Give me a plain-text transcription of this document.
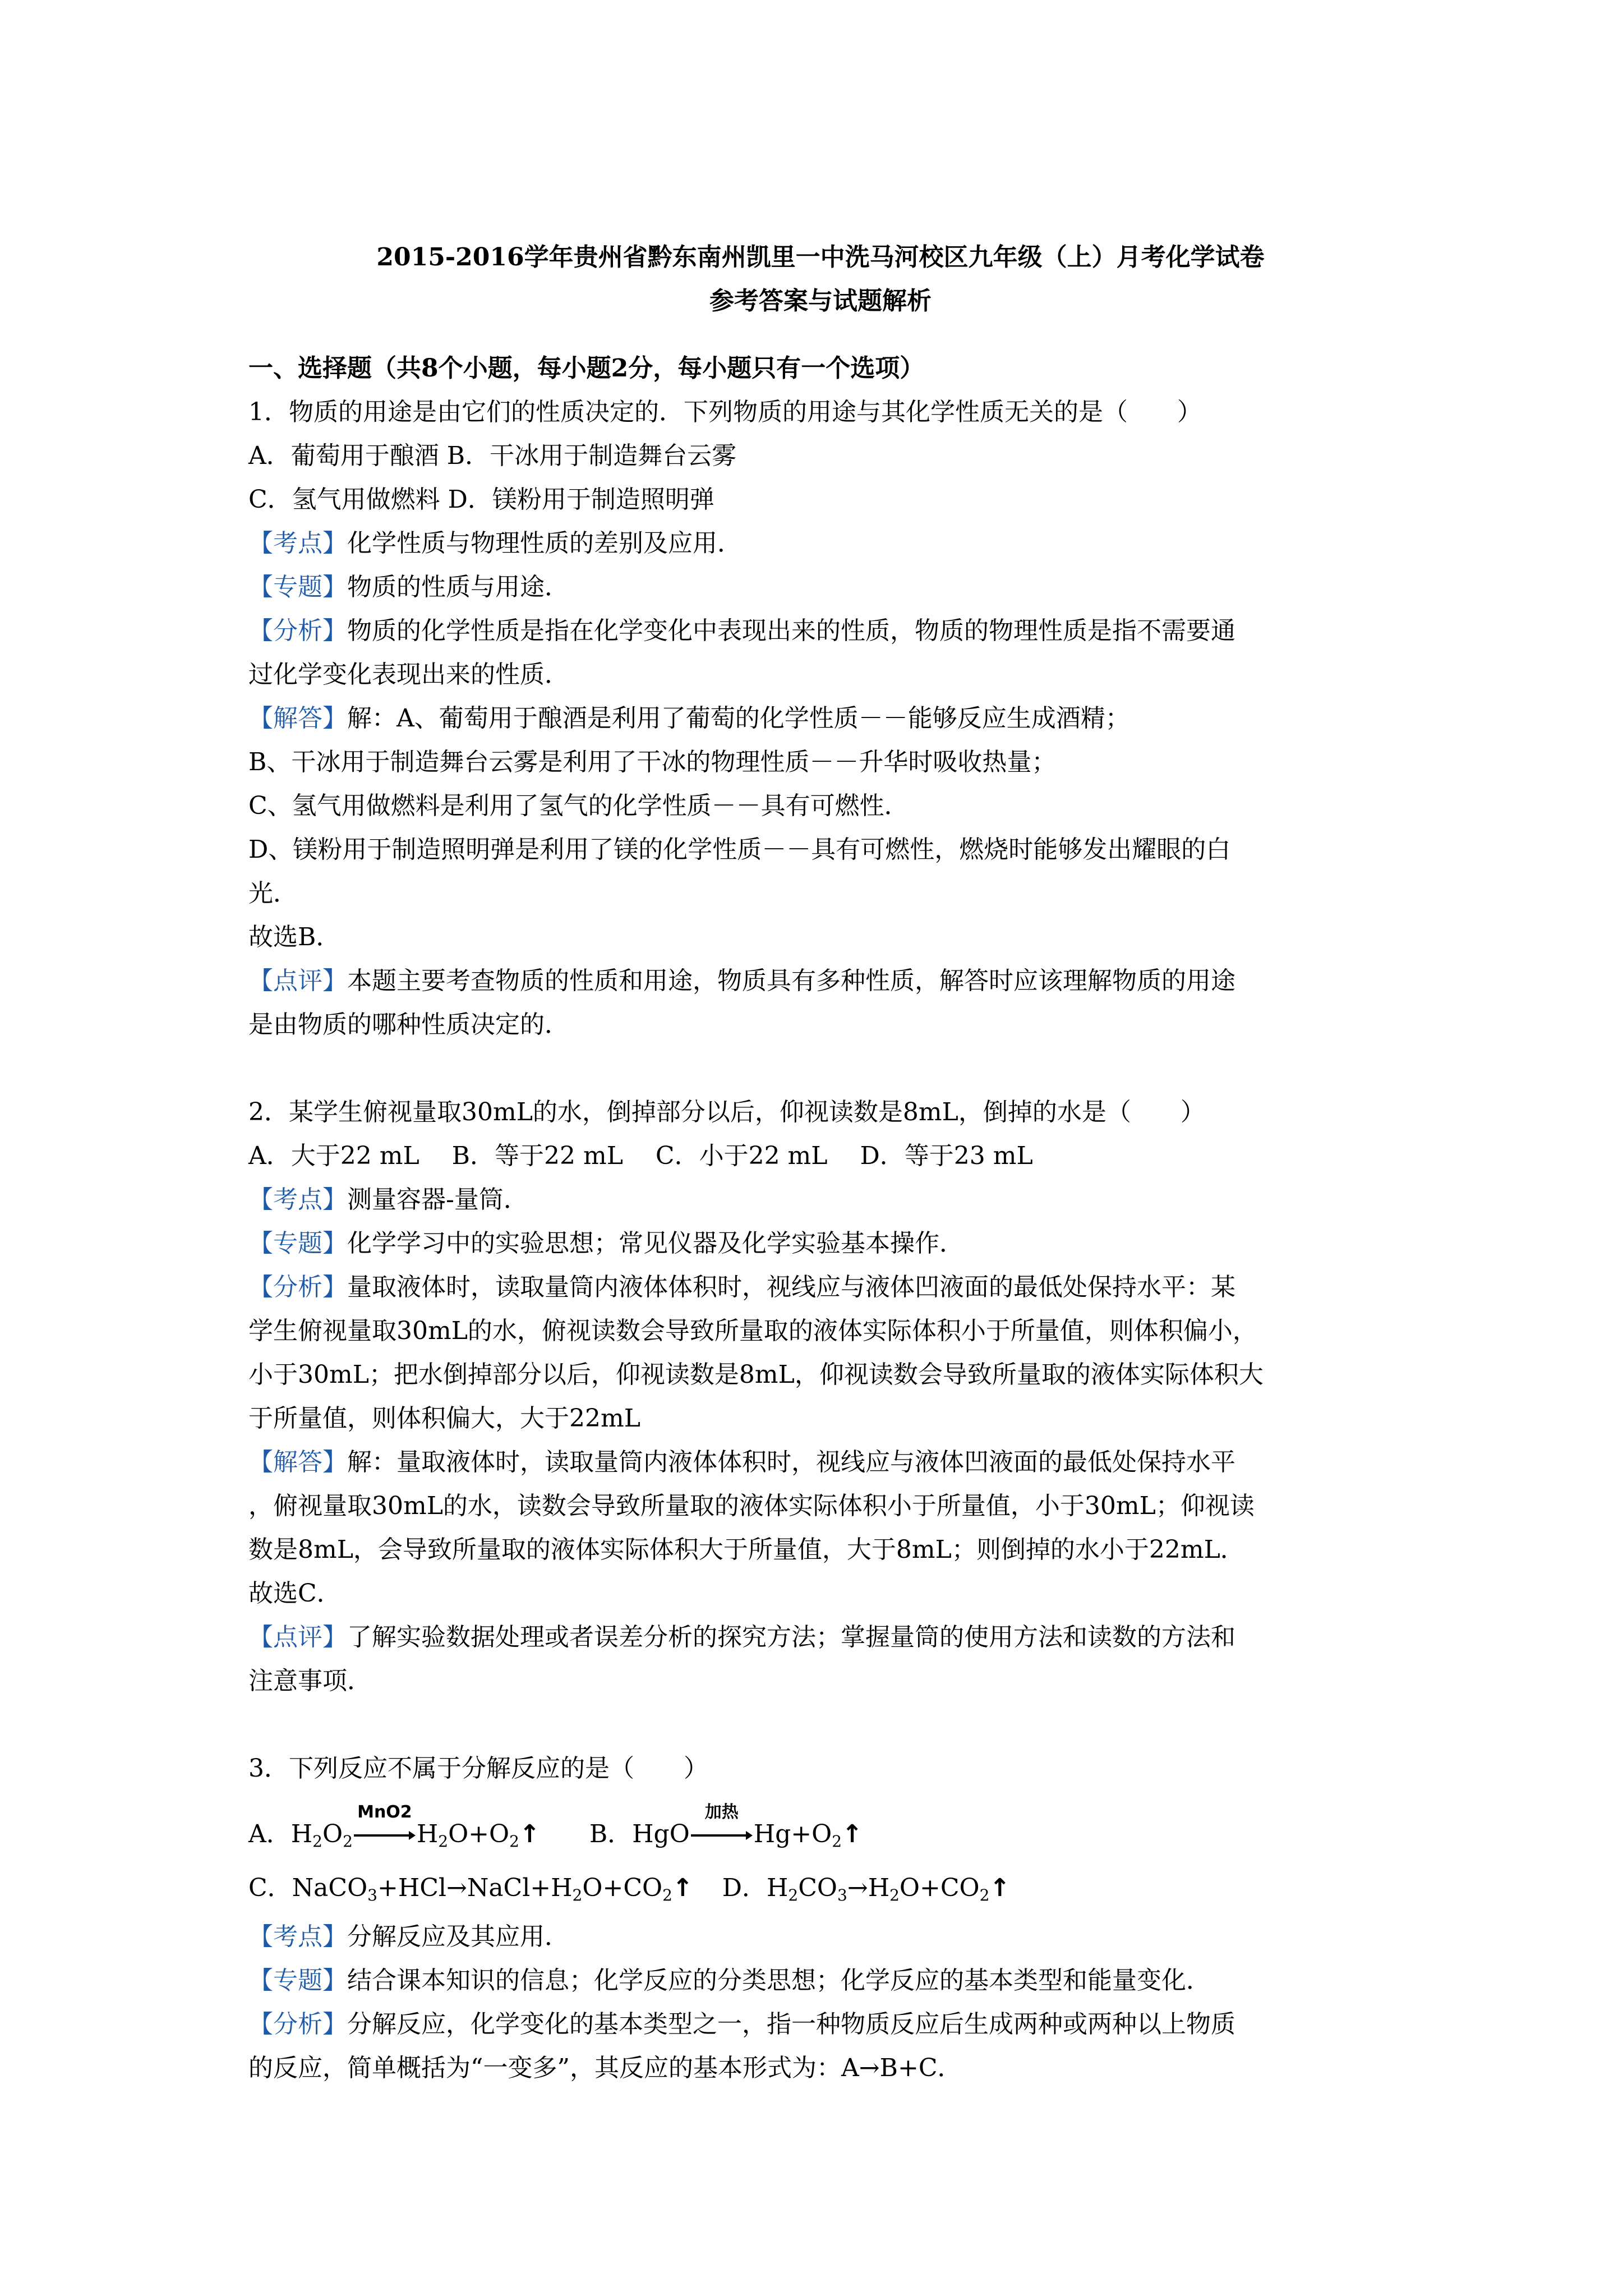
2015-2016学年贵州省黔东南州凯里一中洗马河校区九年级（上）月考化学试卷
参考答案与试题解析
一、选择题（共8个小题，每小题2分，每小题只有一个选项）
1．物质的用途是由它们的性质决定的．下列物质的用途与其化学性质无关的是（　　）
A．葡萄用于酿酒 B．干冰用于制造舞台云雾
C．氢气用做燃料 D．镁粉用于制造照明弹
【考点】化学性质与物理性质的差别及应用．
【专题】物质的性质与用途．
【分析】物质的化学性质是指在化学变化中表现出来的性质，物质的物理性质是指不需要通
过化学变化表现出来的性质．
【解答】解：A、葡萄用于酿酒是利用了葡萄的化学性质－－能够反应生成酒精；
B、干冰用于制造舞台云雾是利用了干冰的物理性质－－升华时吸收热量；
C、氢气用做燃料是利用了氢气的化学性质－－具有可燃性．
D、镁粉用于制造照明弹是利用了镁的化学性质－－具有可燃性，燃烧时能够发出耀眼的白
光．
故选B．
【点评】本题主要考查物质的性质和用途，物质具有多种性质，解答时应该理解物质的用途
是由物质的哪种性质决定的．
2．某学生俯视量取30mL的水，倒掉部分以后，仰视读数是8mL，倒掉的水是（　　）
A．大于22 mL　 B．等于22 mL　 C．小于22 mL　 D．等于23 mL
【考点】测量容器-量筒．
【专题】化学学习中的实验思想；常见仪器及化学实验基本操作．
【分析】量取液体时，读取量筒内液体体积时，视线应与液体凹液面的最低处保持水平：某
学生俯视量取30mL的水，俯视读数会导致所量取的液体实际体积小于所量值，则体积偏小，
小于30mL；把水倒掉部分以后，仰视读数是8mL，仰视读数会导致所量取的液体实际体积大
于所量值，则体积偏大，大于22mL
【解答】解：量取液体时，读取量筒内液体体积时，视线应与液体凹液面的最低处保持水平
，俯视量取30mL的水，读数会导致所量取的液体实际体积小于所量值，小于30mL；仰视读
数是8mL，会导致所量取的液体实际体积大于所量值，大于8mL；则倒掉的水小于22mL．
故选C．
【点评】了解实验数据处理或者误差分析的探究方法；掌握量筒的使用方法和读数的方法和
注意事项．
3．下列反应不属于分解反应的是（　　）
A．$H_2O_2$
MnO2
$H_2O+O_2↑$ B．HgO
加热
$Hg+O_2↑$
C．$NaCO_3+HCl\to NaCl+H_2O+CO_2↑$ D．$H_2CO_3\to H_2O+CO_2↑$
【考点】分解反应及其应用．
【专题】结合课本知识的信息；化学反应的分类思想；化学反应的基本类型和能量变化．
【分析】分解反应，化学变化的基本类型之一，指一种物质反应后生成两种或两种以上物质
的反应，简单概括为“一变多”，其反应的基本形式为：A→B+C．
